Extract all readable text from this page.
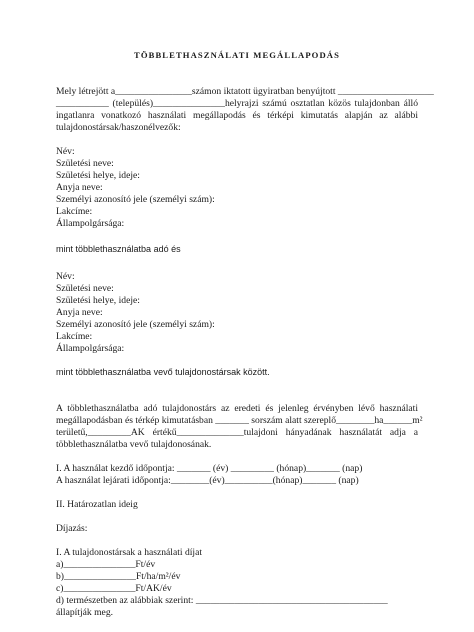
TÖBBLETHASZNÁLATI MEGÁLLAPODÁS
Mely létrejött a________________számon iktatott ügyiratban benyújtott ____________________
___________ (település)_______________helyrajzi számú osztatlan közös tulajdonban álló
ingatlanra vonatkozó használati megállapodás és térképi kimutatás alapján az alábbi
tulajdonostársak/haszonélvezők:
Név:
Születési neve:
Születési helye, ideje:
Anyja neve:
Személyi azonosító jele (személyi szám):
Lakcíme:
Állampolgársága:
mint többlethasználatba adó és
Név:
Születési neve:
Születési helye, ideje:
Anyja neve:
Személyi azonosító jele (személyi szám):
Lakcíme:
Állampolgársága:
mint többlethasználatba vevő tulajdonostársak között.
A többlethasználatba adó tulajdonostárs az eredeti és jelenleg érvényben lévő használati
megállapodásban és térkép kimutatásban _______ sorszám alatt szereplő________ha______m²
területű,_________AK értékű______________tulajdoni hányadának használatát adja a
többlethasználatba vevő tulajdonosának.
I. A használat kezdő időpontja: _______ (év) _________ (hónap)_______ (nap)
A használat lejárati időpontja:________(év)__________(hónap)_______ (nap)
II. Határozatlan ideig
Díjazás:
I. A tulajdonostársak a használati díjat
a)_______________Ft/év
b)_______________Ft/ha/m²/év
c)_______________Ft/AK/év
d) természetben az alábbiak szerint: ________________________________________
állapítják meg.
